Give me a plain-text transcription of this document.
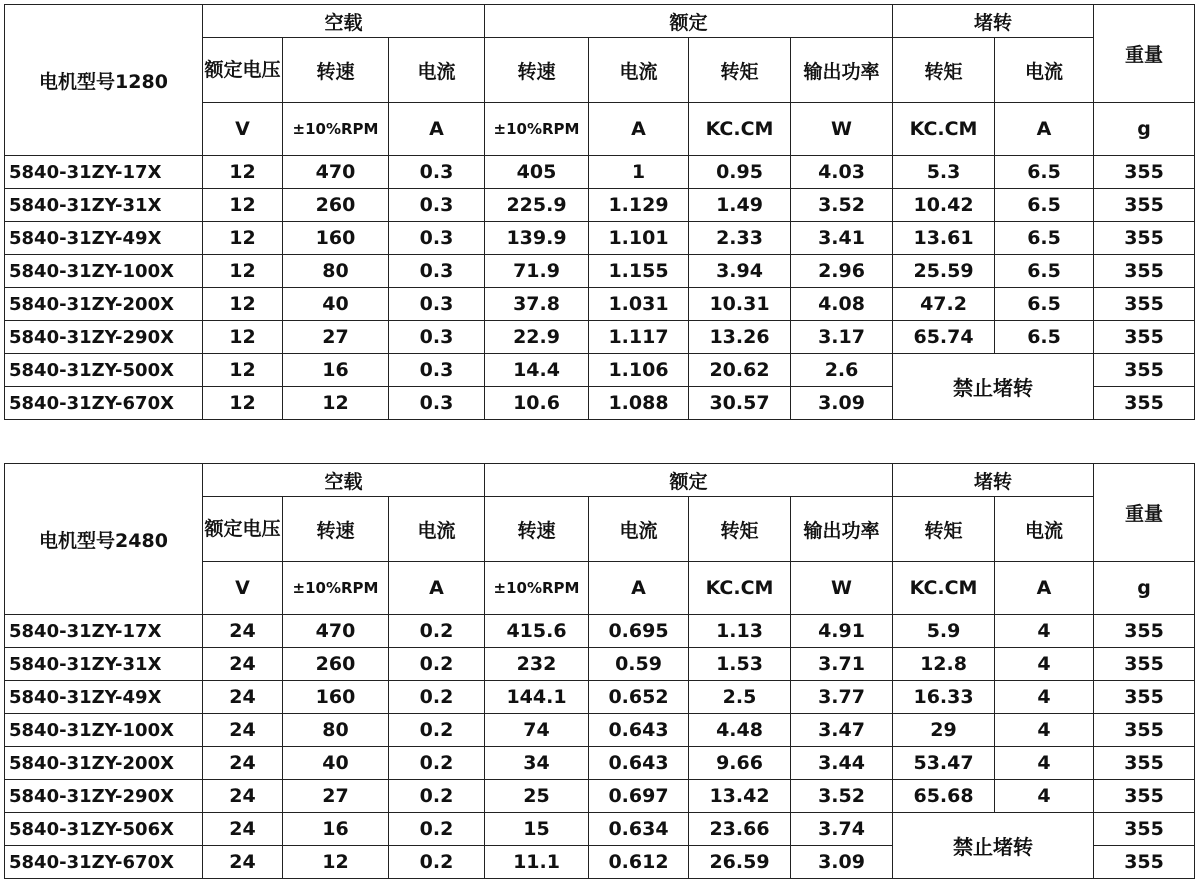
电机型号1280	空载			额定				堵转		重量
	额定电压	转速	电流	转速	电流	转矩	输出功率	转矩	电流	
	V	±10%RPM	A	±10%RPM	A	KC.CM	W	KC.CM	A	g
5840-31ZY-17X	12	470	0.3	405	1	0.95	4.03	5.3	6.5	355
5840-31ZY-31X	12	260	0.3	225.9	1.129	1.49	3.52	10.42	6.5	355
5840-31ZY-49X	12	160	0.3	139.9	1.101	2.33	3.41	13.61	6.5	355
5840-31ZY-100X	12	80	0.3	71.9	1.155	3.94	2.96	25.59	6.5	355
5840-31ZY-200X	12	40	0.3	37.8	1.031	10.31	4.08	47.2	6.5	355
5840-31ZY-290X	12	27	0.3	22.9	1.117	13.26	3.17	65.74	6.5	355
5840-31ZY-500X	12	16	0.3	14.4	1.106	20.62	2.6	禁止堵转		355
5840-31ZY-670X	12	12	0.3	10.6	1.088	30.57	3.09			355
电机型号2480	空载			额定				堵转		重量
	额定电压	转速	电流	转速	电流	转矩	输出功率	转矩	电流	
	V	±10%RPM	A	±10%RPM	A	KC.CM	W	KC.CM	A	g
5840-31ZY-17X	24	470	0.2	415.6	0.695	1.13	4.91	5.9	4	355
5840-31ZY-31X	24	260	0.2	232	0.59	1.53	3.71	12.8	4	355
5840-31ZY-49X	24	160	0.2	144.1	0.652	2.5	3.77	16.33	4	355
5840-31ZY-100X	24	80	0.2	74	0.643	4.48	3.47	29	4	355
5840-31ZY-200X	24	40	0.2	34	0.643	9.66	3.44	53.47	4	355
5840-31ZY-290X	24	27	0.2	25	0.697	13.42	3.52	65.68	4	355
5840-31ZY-506X	24	16	0.2	15	0.634	23.66	3.74	禁止堵转		355
5840-31ZY-670X	24	12	0.2	11.1	0.612	26.59	3.09			355
